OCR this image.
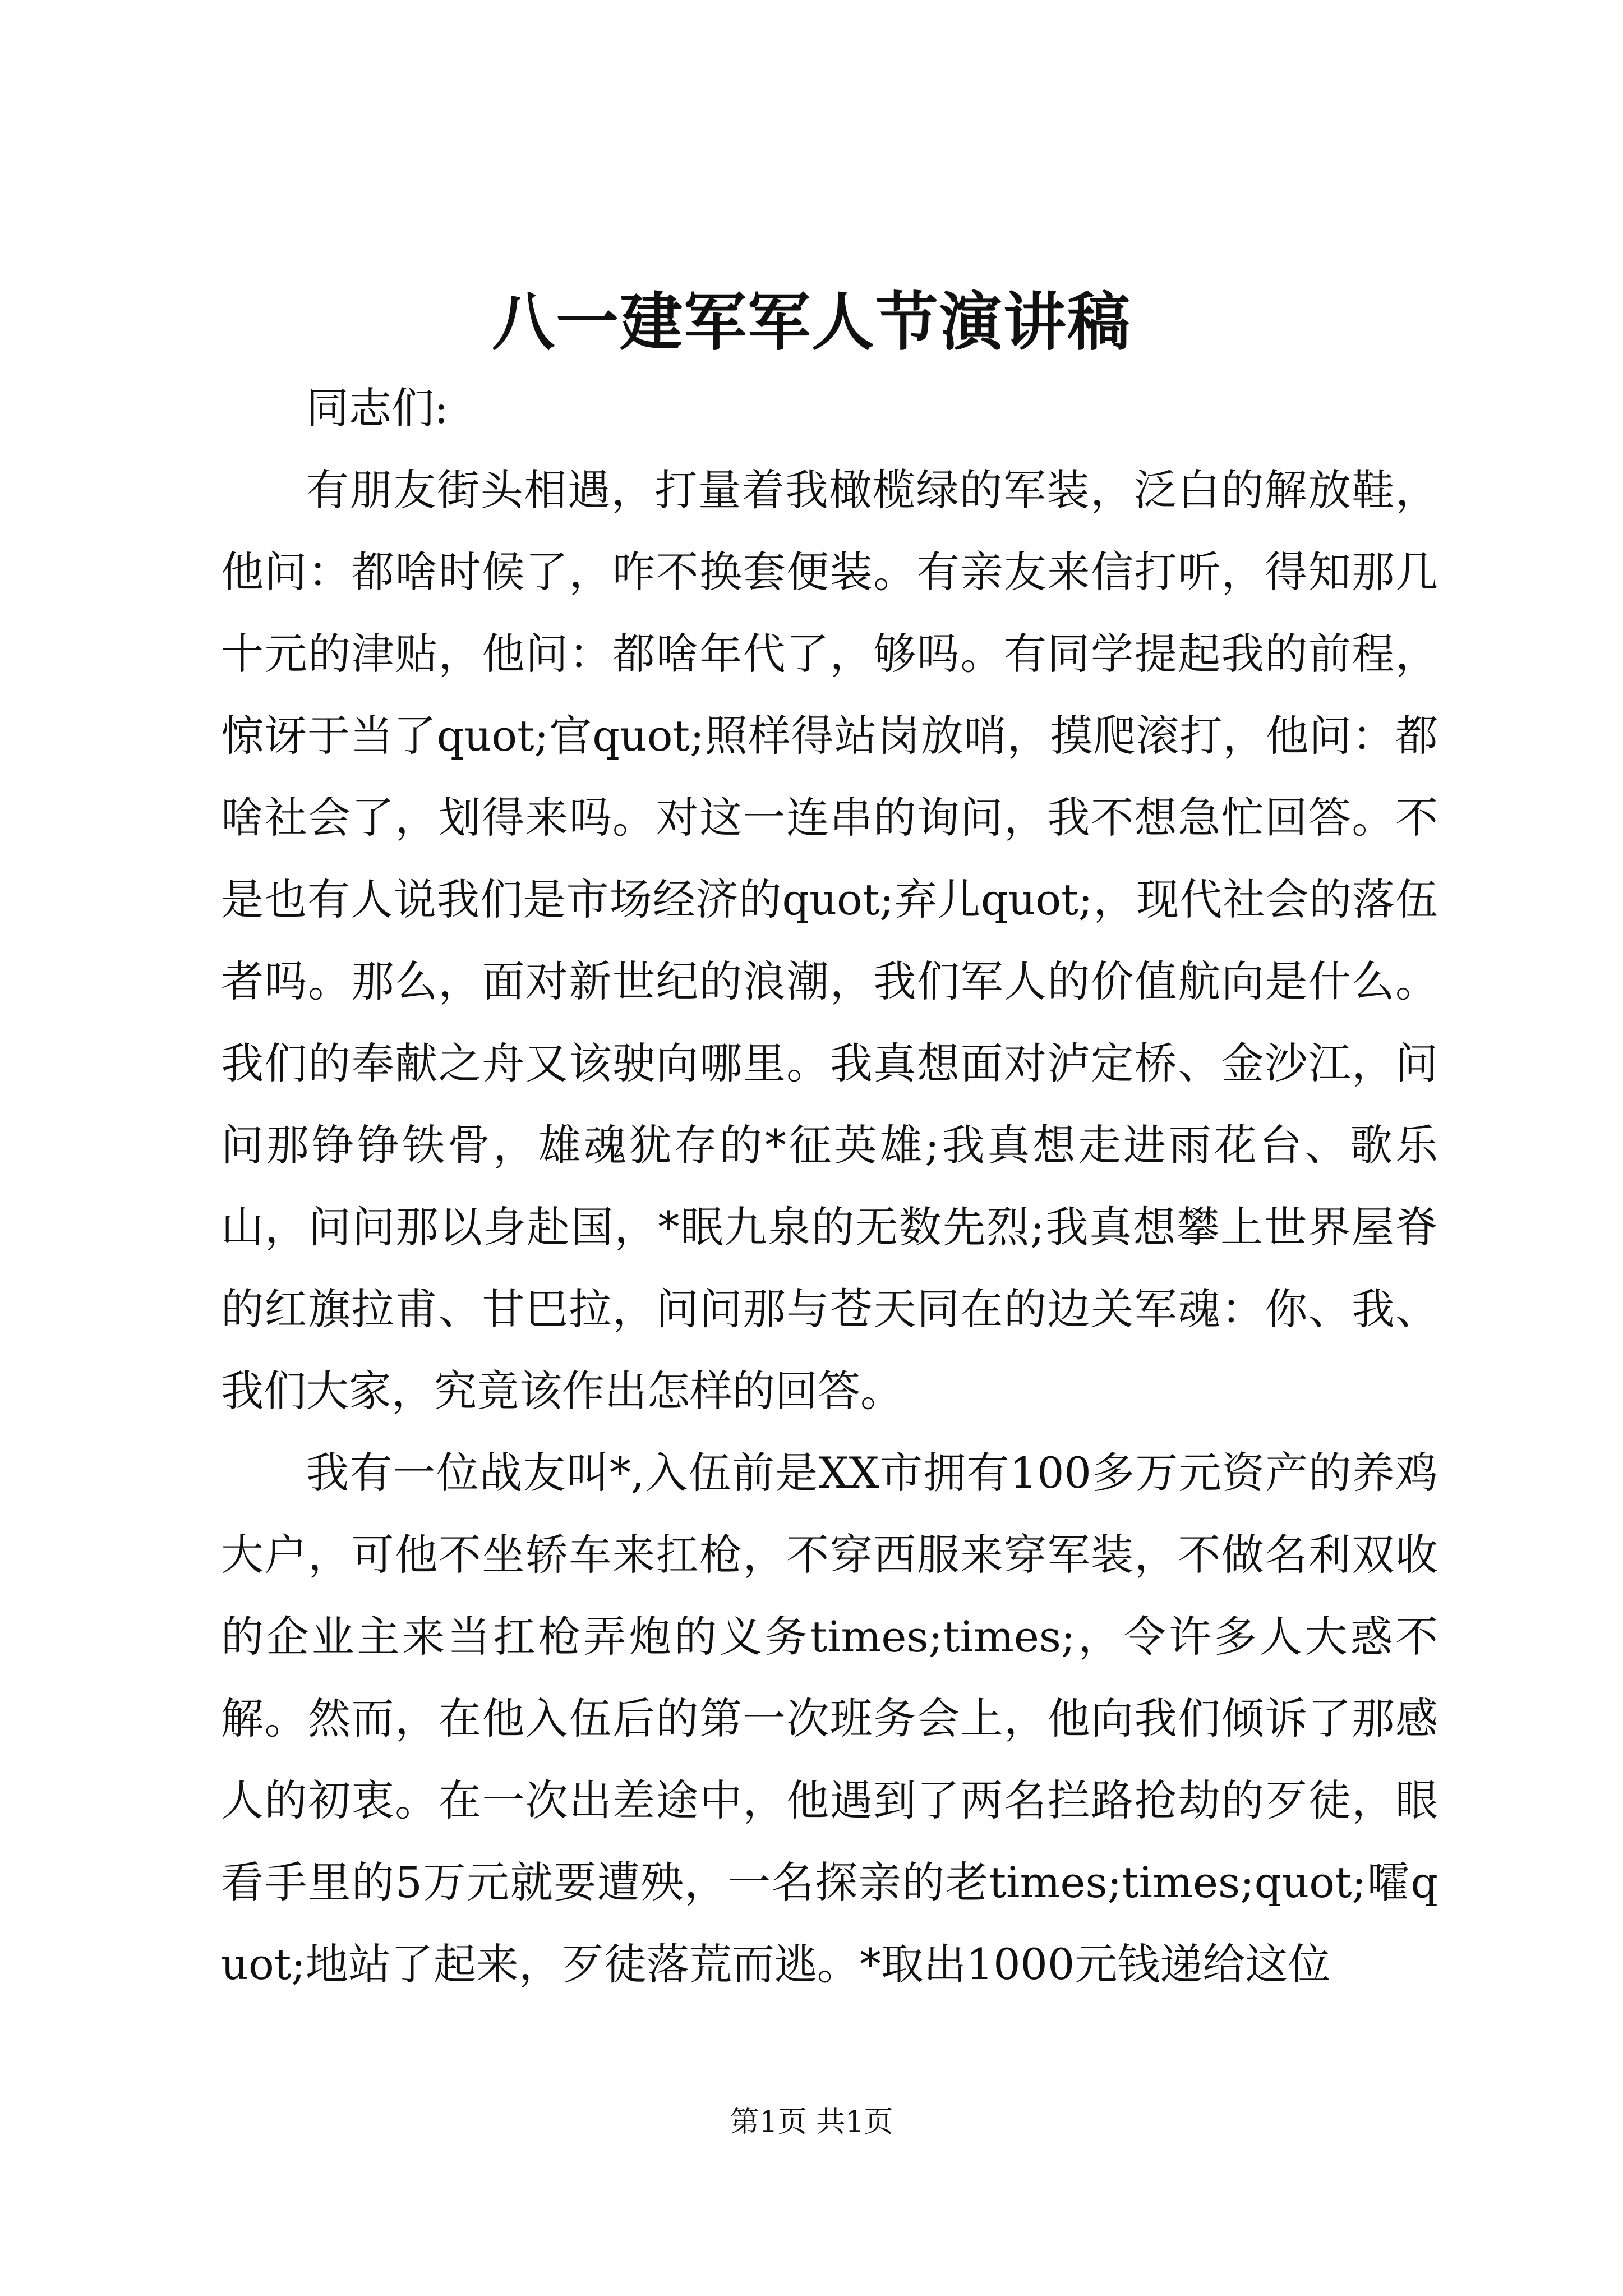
八一建军军人节演讲稿

同志们:

有朋友街头相遇，打量着我橄榄绿的军装，泛白的解放鞋，他问：都啥时候了，咋不换套便装。有亲友来信打听，得知那几十元的津贴，他问：都啥年代了，够吗。有同学提起我的前程，惊讶于当了quot;官quot;照样得站岗放哨，摸爬滚打，他问：都啥社会了，划得来吗。对这一连串的询问，我不想急忙回答。不是也有人说我们是市场经济的quot;弃儿quot;，现代社会的落伍者吗。那么，面对新世纪的浪潮，我们军人的价值航向是什么。我们的奉献之舟又该驶向哪里。我真想面对泸定桥、金沙江，问问那铮铮铁骨，雄魂犹存的*征英雄;我真想走进雨花台、歌乐山，问问那以身赴国，*眠九泉的无数先烈;我真想攀上世界屋脊的红旗拉甫、甘巴拉，问问那与苍天同在的边关军魂：你、我、我们大家，究竟该作出怎样的回答。

我有一位战友叫*,入伍前是XX市拥有100多万元资产的养鸡大户，可他不坐轿车来扛枪，不穿西服来穿军装，不做名利双收的企业主来当扛枪弄炮的义务times;times;，令许多人大惑不解。然而，在他入伍后的第一次班务会上，他向我们倾诉了那感人的初衷。在一次出差途中，他遇到了两名拦路抢劫的歹徒，眼看手里的5万元就要遭殃，一名探亲的老times;times;quot;嚯quot;地站了起来，歹徒落荒而逃。*取出1000元钱递给这位

第1页 共1页
